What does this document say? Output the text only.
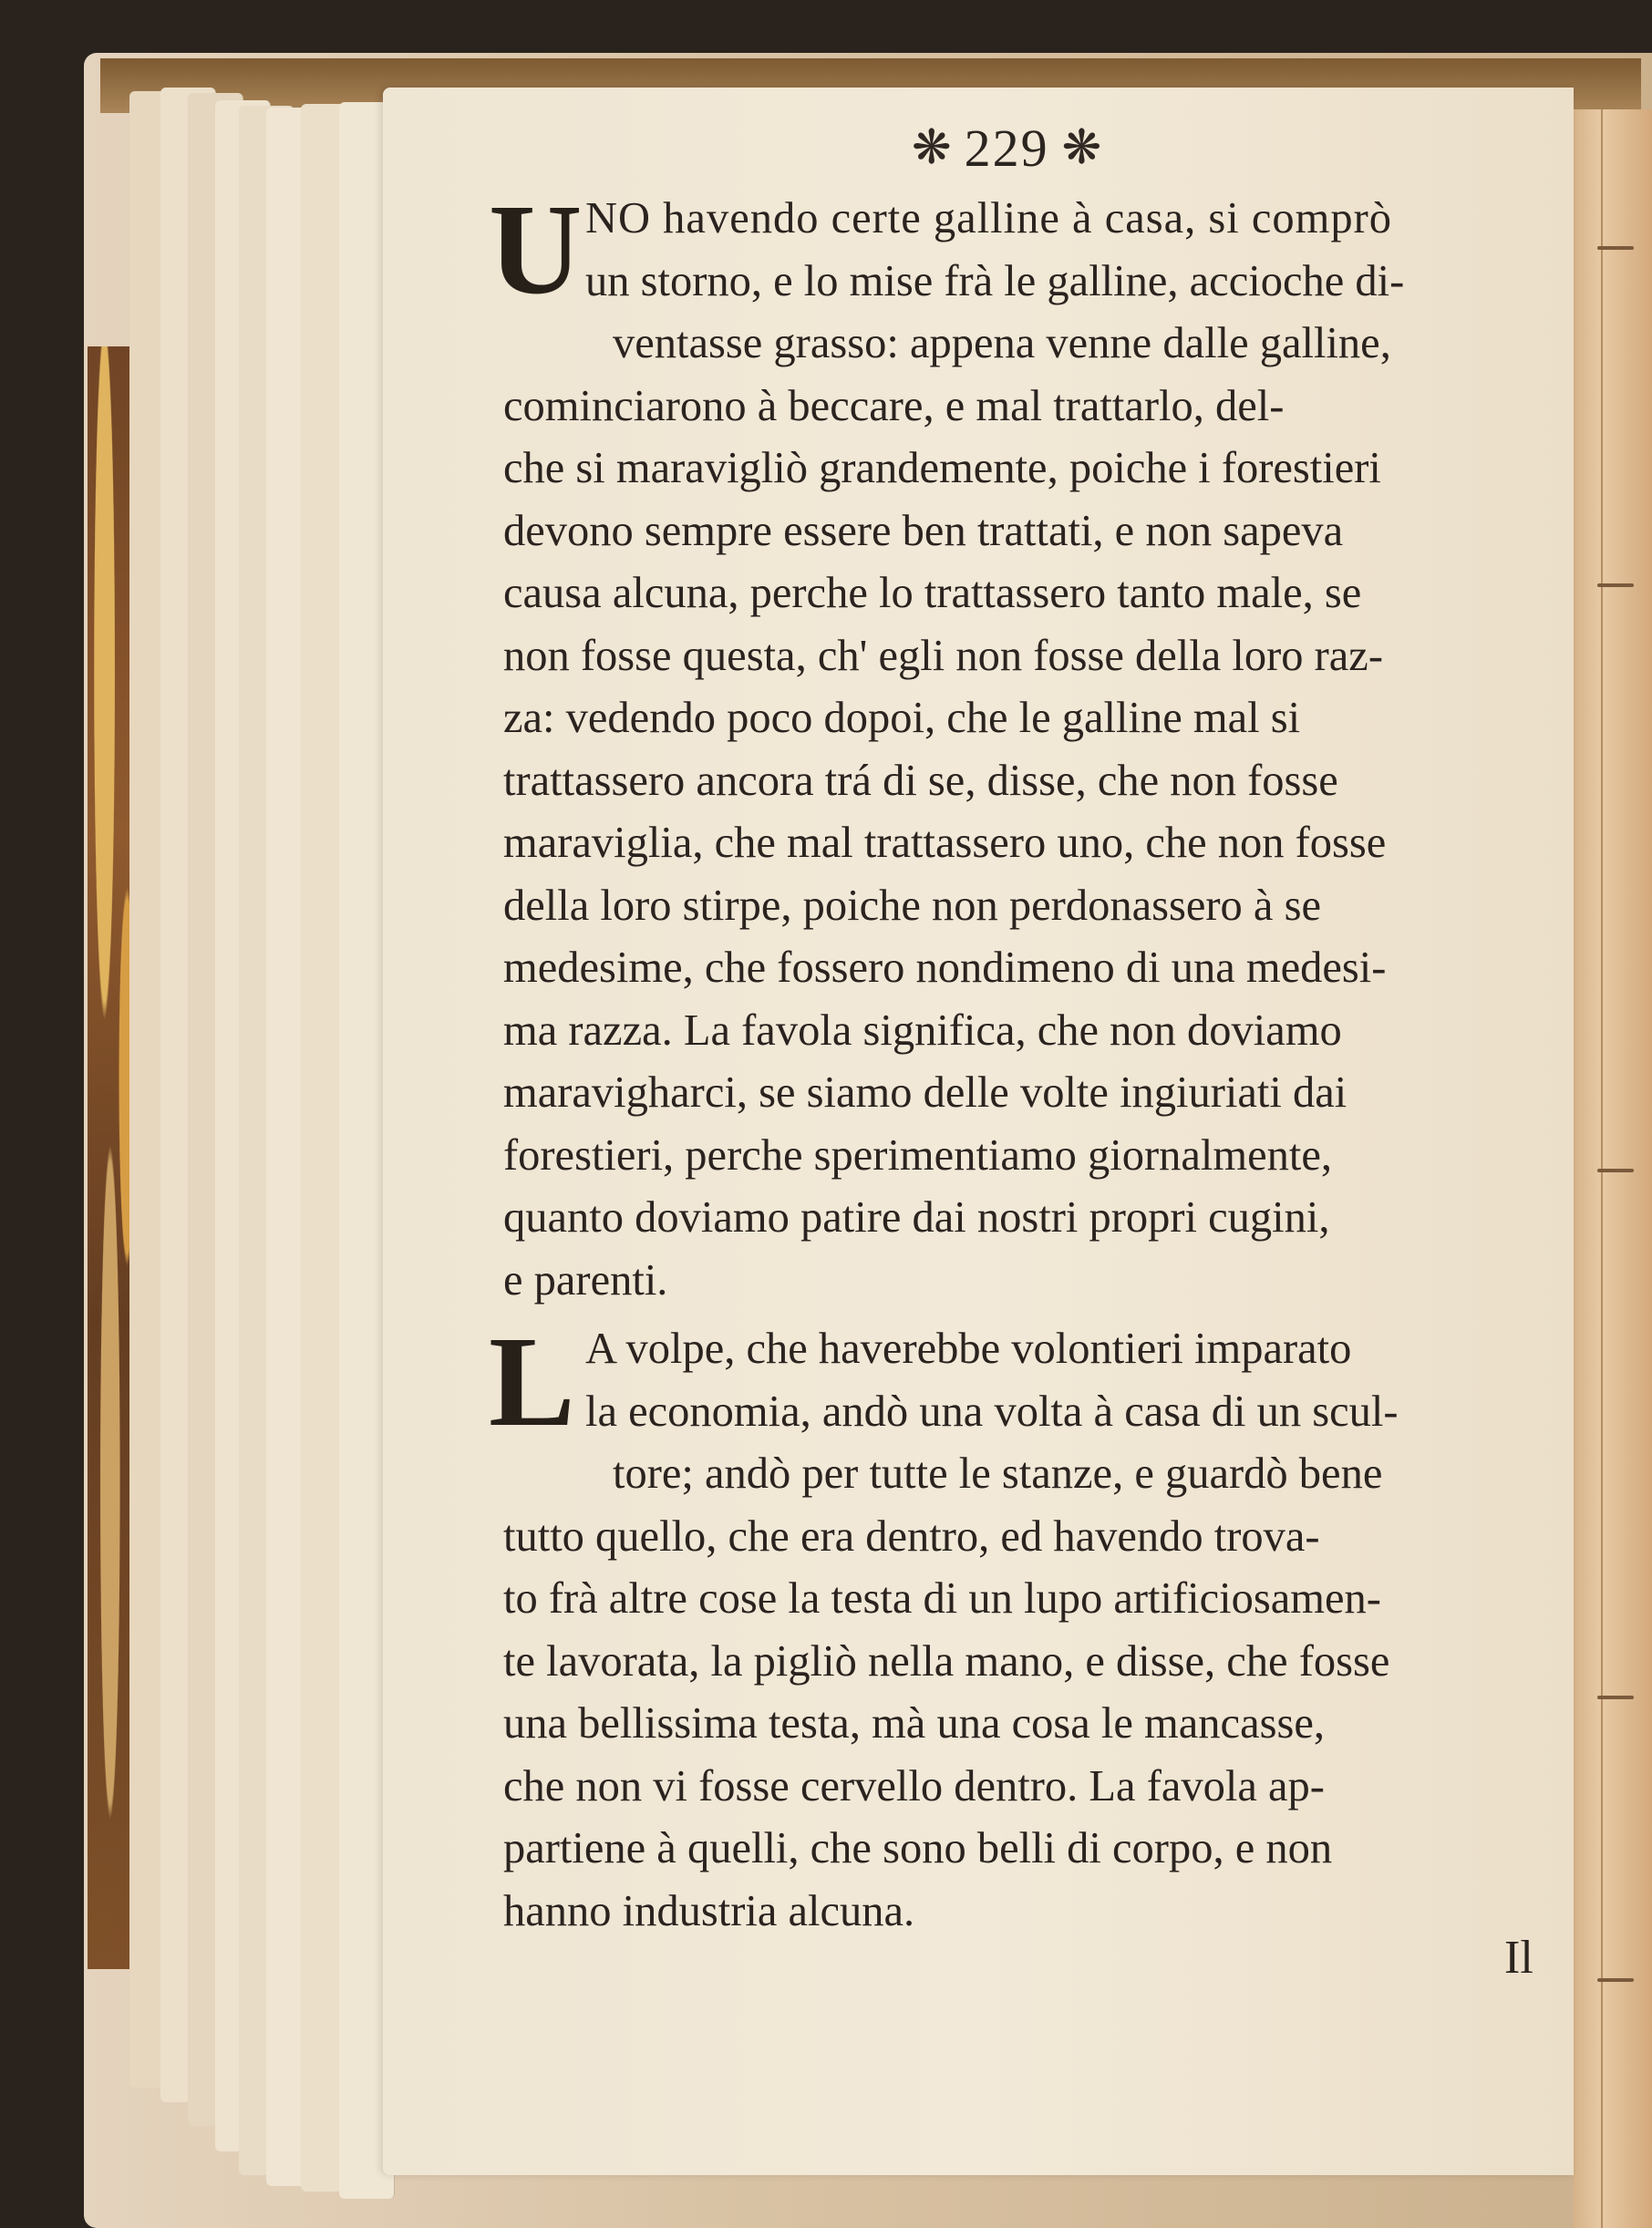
❋ 229 ❋
U NO havendo certe galline à casa, si comprò

un storno, e lo mise frà le galline, accioche di-

ventasse grasso: appena venne dalle galline,

cominciarono à beccare, e mal trattarlo, del-

che si maravigliò grandemente, poiche i forestieri

devono sempre essere ben trattati, e non sapeva

causa alcuna, perche lo trattassero tanto male, se

non fosse questa, ch' egli non fosse della loro raz-

za: vedendo poco dopoi, che le galline mal si

trattassero ancora trá di se, disse, che non fosse

maraviglia, che mal trattassero uno, che non fosse

della loro stirpe, poiche non perdonassero à se

medesime, che fossero nondimeno di una medesi-

ma razza. La favola significa, che non doviamo

maravigharci, se siamo delle volte ingiuriati dai

forestieri, perche sperimentiamo giornalmente,

quanto doviamo patire dai nostri propri cugini,

e parenti.

L A volpe, che haverebbe volontieri imparato

la economia, andò una volta à casa di un scul-

tore; andò per tutte le stanze, e guardò bene

tutto quello, che era dentro, ed havendo trova-

to frà altre cose la testa di un lupo artificiosamen-

te lavorata, la pigliò nella mano, e disse, che fosse

una bellissima testa, mà una cosa le mancasse,

che non vi fosse cervello dentro. La favola ap-

partiene à quelli, che sono belli di corpo, e non

hanno industria alcuna.

Il
